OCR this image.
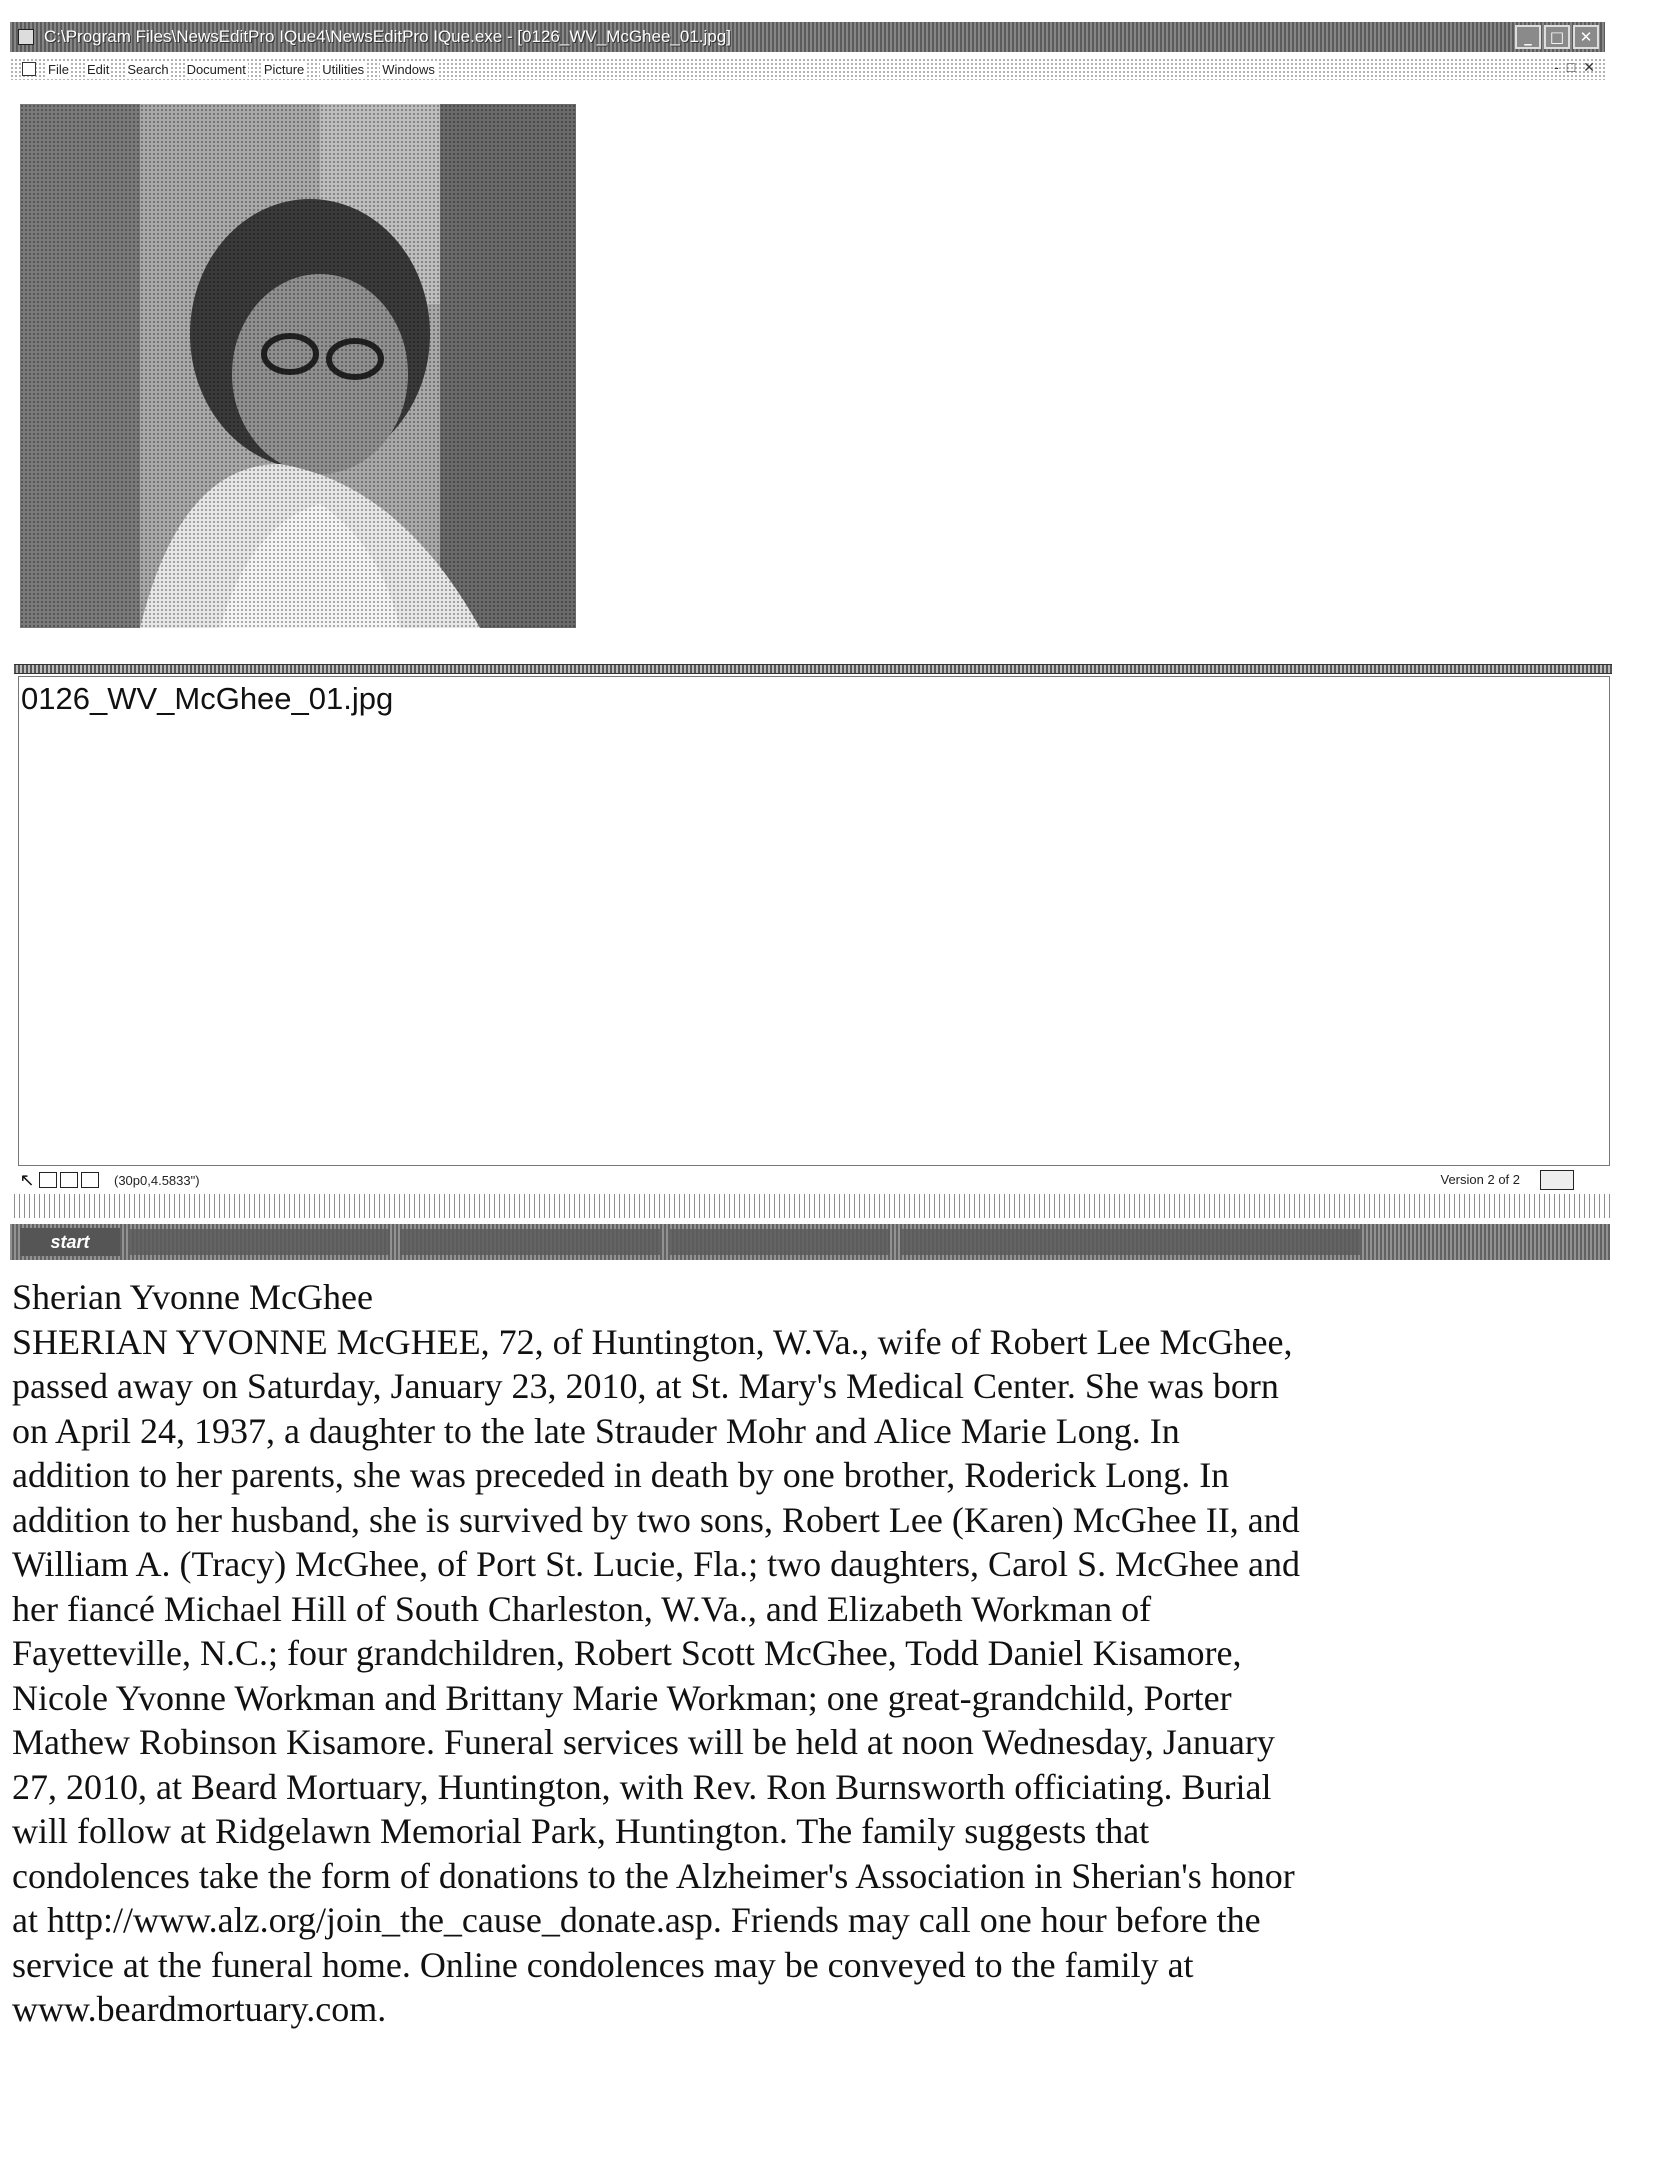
C:\Program Files\NewsEditPro IQue4\NewsEditPro IQue.exe - [0126_WV_McGhee_01.jpg]	_	□	✕
File Edit Search Document Picture Utilities Windows	- □ ✕
0126_WV_McGhee_01.jpg
↖	(30p0,4.5833")	Version 2 of 2
start
Sherian Yvonne McGhee

SHERIAN YVONNE McGHEE, 72, of Huntington, W.Va., wife of Robert Lee McGhee,
passed away on Saturday, January 23, 2010, at St. Mary's Medical Center. She was born
on April 24, 1937, a daughter to the late Strauder Mohr and Alice Marie Long. In
addition to her parents, she was preceded in death by one brother, Roderick Long. In
addition to her husband, she is survived by two sons, Robert Lee (Karen) McGhee II, and
William A. (Tracy) McGhee, of Port St. Lucie, Fla.; two daughters, Carol S. McGhee and
her fiancé Michael Hill of South Charleston, W.Va., and Elizabeth Workman of
Fayetteville, N.C.; four grandchildren, Robert Scott McGhee, Todd Daniel Kisamore,
Nicole Yvonne Workman and Brittany Marie Workman; one great-grandchild, Porter
Mathew Robinson Kisamore. Funeral services will be held at noon Wednesday, January
27, 2010, at Beard Mortuary, Huntington, with Rev. Ron Burnsworth officiating. Burial
will follow at Ridgelawn Memorial Park, Huntington. The family suggests that
condolences take the form of donations to the Alzheimer's Association in Sherian's honor
at http://www.alz.org/join_the_cause_donate.asp. Friends may call one hour before the
service at the funeral home. Online condolences may be conveyed to the family at
www.beardmortuary.com.
